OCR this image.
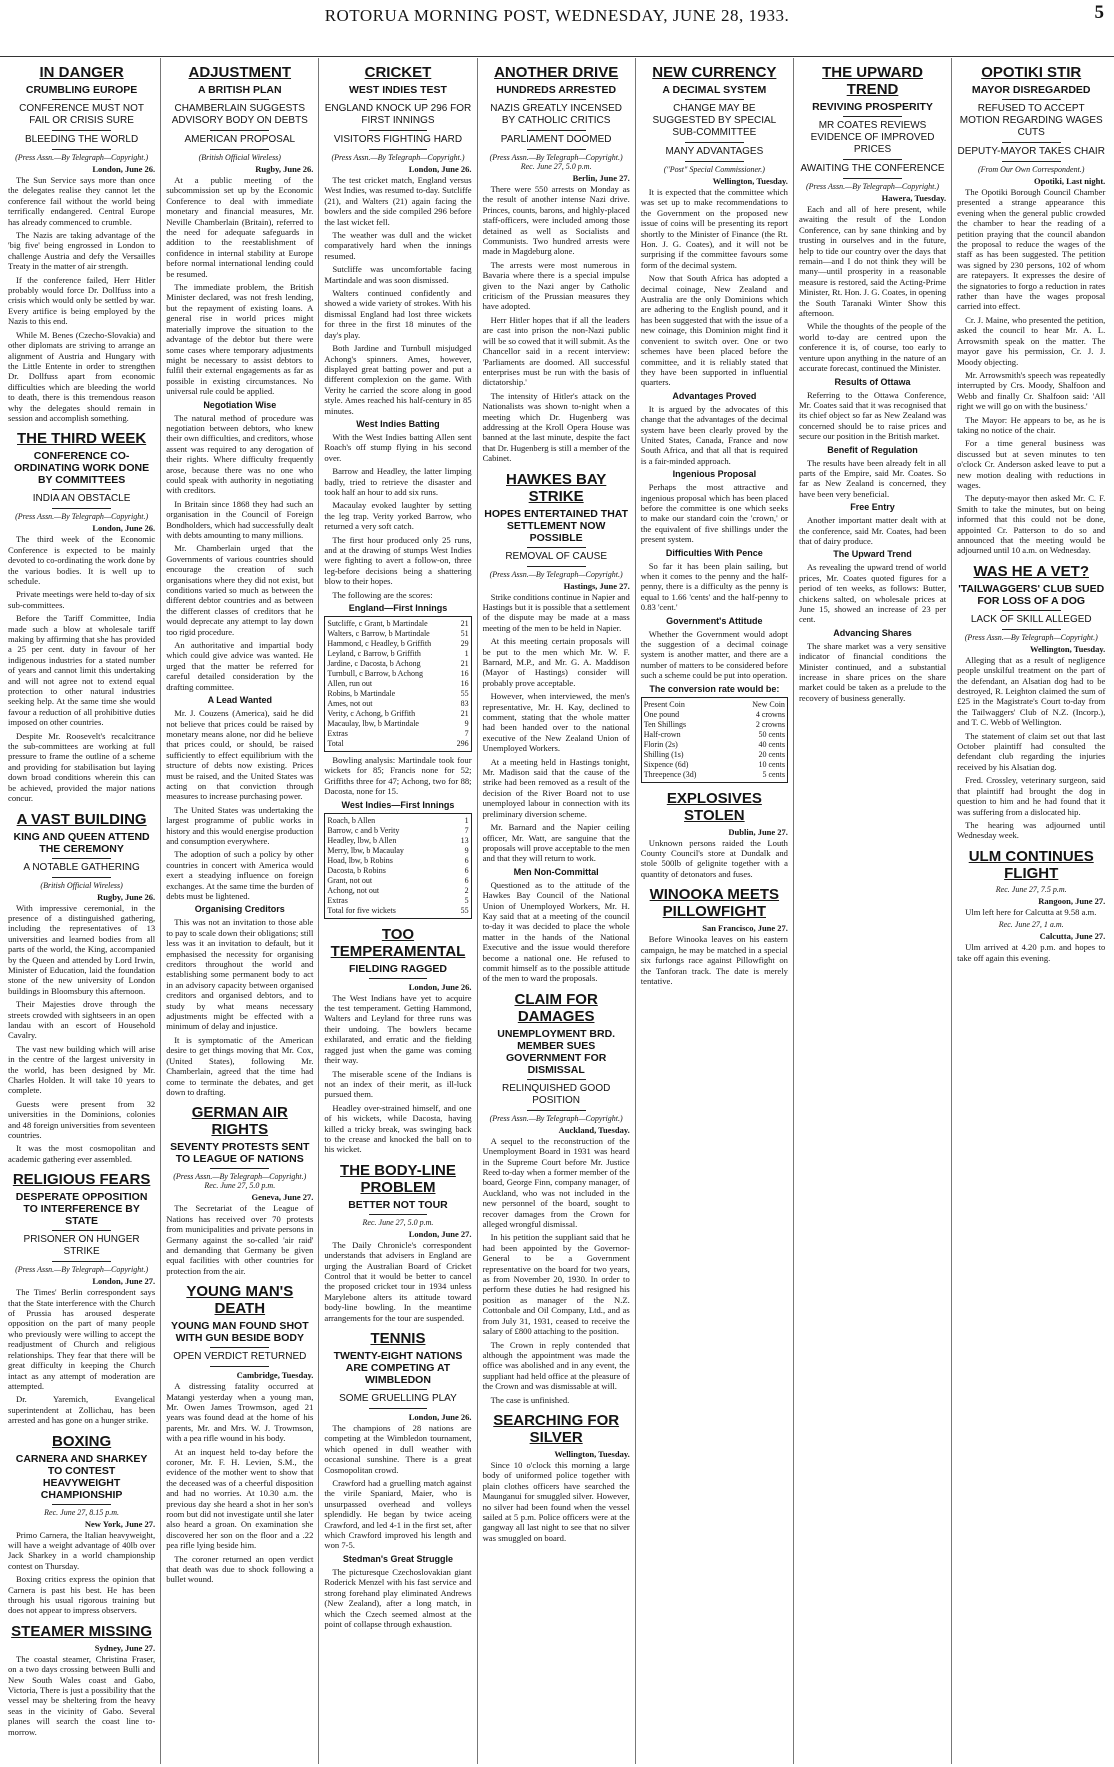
ROTORUA MORNING POST, WEDNESDAY, JUNE 28, 1933.	5
IN DANGER
CRUMBLING EUROPE
CONFERENCE MUST NOT FAIL OR CRISIS SURE
BLEEDING THE WORLD
(Press Assn.—By Telegraph—Copyright.)
London, June 26.

The Sun Service says more than once the delegates realise they cannot let the conference fail without the world being terrifically endangered. Central Europe has already commenced to crumble.

The Nazis are taking advantage of the 'big five' being engrossed in London to challenge Austria and defy the Versailles Treaty in the matter of air strength.

If the conference failed, Herr Hitler probably would force Dr. Dollfuss into a crisis which would only be settled by war. Every artifice is being employed by the Nazis to this end.

While M. Benes (Czecho-Slovakia) and other diplomats are striving to arrange an alignment of Austria and Hungary with the Little Entente in order to strengthen Dr. Dollfuss apart from economic difficulties which are bleeding the world to death, there is this tremendous reason why the delegates should remain in session and accomplish something.

THE THIRD WEEK
CONFERENCE CO-ORDINATING WORK DONE BY COMMITTEES
INDIA AN OBSTACLE
(Press Assn.—By Telegraph—Copyright.)
London, June 26.

The third week of the Economic Conference is expected to be mainly devoted to co-ordinating the work done by the various bodies. It is well up to schedule.

Private meetings were held to-day of six sub-committees.

Before the Tariff Committee, India made such a blow at wholesale tariff making by affirming that she has provided a 25 per cent. duty in favour of her indigenous industries for a stated number of years and cannot limit this undertaking and will not agree not to extend equal protection to other natural industries seeking help. At the same time she would favour a reduction of all prohibitive duties imposed on other countries.

Despite Mr. Roosevelt's recalcitrance the sub-committees are working at full pressure to frame the outline of a scheme and providing for stabilisation but laying down broad conditions wherein this can be achieved, provided the major nations concur.

A VAST BUILDING
KING AND QUEEN ATTEND THE CEREMONY
A NOTABLE GATHERING
(British Official Wireless)
Rugby, June 26.

With impressive ceremonial, in the presence of a distinguished gathering, including the representatives of 13 universities and learned bodies from all parts of the world, the King, accompanied by the Queen and attended by Lord Irwin, Minister of Education, laid the foundation stone of the new university of London buildings in Bloomsbury this afternoon.

Their Majesties drove through the streets crowded with sightseers in an open landau with an escort of Household Cavalry.

The vast new building which will arise in the centre of the largest university in the world, has been designed by Mr. Charles Holden. It will take 10 years to complete.

Guests were present from 32 universities in the Dominions, colonies and 48 foreign universities from seventeen countries.

It was the most cosmopolitan and academic gathering ever assembled.

RELIGIOUS FEARS
DESPERATE OPPOSITION TO INTERFERENCE BY STATE
PRISONER ON HUNGER STRIKE
(Press Assn.—By Telegraph—Copyright.)
London, June 27.

The Times' Berlin correspondent says that the State interference with the Church of Prussia has aroused desperate opposition on the part of many people who previously were willing to accept the readjustment of Church and religious relationships. They fear that there will be great difficulty in keeping the Church intact as any attempt of moderation are attempted.

Dr. Yaremich, Evangelical superintendent at Zollichau, has been arrested and has gone on a hunger strike.

BOXING
CARNERA AND SHARKEY TO CONTEST HEAVYWEIGHT CHAMPIONSHIP
Rec. June 27, 8.15 p.m.
New York, June 27.

Primo Carnera, the Italian heavyweight, will have a weight advantage of 40lb over Jack Sharkey in a world championship contest on Thursday.

Boxing critics express the opinion that Carnera is past his best. He has been through his usual rigorous training but does not appear to impress observers.

STEAMER MISSING
Sydney, June 27.

The coastal steamer, Christina Fraser, on a two days crossing between Bulli and New South Wales coast and Gabo, Victoria, There is just a possibility that the vessel may be sheltering from the heavy seas in the vicinity of Gabo. Several planes will search the coast line to-morrow.

ADJUSTMENT
A BRITISH PLAN
CHAMBERLAIN SUGGESTS ADVISORY BODY ON DEBTS
AMERICAN PROPOSAL
(British Official Wireless)
Rugby, June 26.

At a public meeting of the subcommission set up by the Economic Conference to deal with immediate monetary and financial measures, Mr. Neville Chamberlain (Britain), referred to the need for adequate safeguards in addition to the reestablishment of confidence in internal stability at Europe before normal international lending could be resumed.

The immediate problem, the British Minister declared, was not fresh lending, but the repayment of existing loans. A general rise in world prices might materially improve the situation to the advantage of the debtor but there were some cases where temporary adjustments might be necessary to assist debtors to fulfil their external engagements as far as possible in existing circumstances. No universal rule could be applied.

Negotiation Wise

The natural method of procedure was negotiation between debtors, who knew their own difficulties, and creditors, whose assent was required to any derogation of their rights. Where difficulty frequently arose, because there was no one who could speak with authority in negotiating with creditors.

In Britain since 1868 they had such an organisation in the Council of Foreign Bondholders, which had successfully dealt with debts amounting to many millions.

Mr. Chamberlain urged that the Governments of various countries should encourage the creation of such organisations where they did not exist, but conditions varied so much as between the different debtor countries and as between the different classes of creditors that he would deprecate any attempt to lay down too rigid procedure.

An authoritative and impartial body which could give advice was wanted. He urged that the matter be referred for careful detailed consideration by the drafting committee.

A Lead Wanted

Mr. J. Couzens (America), said he did not believe that prices could be raised by monetary means alone, nor did he believe that prices could, or should, be raised sufficiently to effect equilibrium with the structure of debts now existing. Prices must be raised, and the United States was acting on that conviction through measures to increase purchasing power.

The United States was undertaking the largest programme of public works in history and this would energise production and consumption everywhere.

The adoption of such a policy by other countries in concert with America would exert a steadying influence on foreign exchanges. At the same time the burden of debts must be lightened.

Organising Creditors

This was not an invitation to those able to pay to scale down their obligations; still less was it an invitation to default, but it emphasised the necessity for organising creditors throughout the world and establishing some permanent body to act in an advisory capacity between organised creditors and organised debtors, and to study by what means necessary adjustments might be effected with a minimum of delay and injustice.

It is symptomatic of the American desire to get things moving that Mr. Cox, (United States), following Mr. Chamberlain, agreed that the time had come to terminate the debates, and get down to drafting.

GERMAN AIR RIGHTS
SEVENTY PROTESTS SENT TO LEAGUE OF NATIONS
(Press Assn.—By Telegraph—Copyright.) Rec. June 27, 5.0 p.m.
Geneva, June 27.

The Secretariat of the League of Nations has received over 70 protests from municipalities and private persons in Germany against the so-called 'air raid' and demanding that Germany be given equal facilities with other countries for protection from the air.

YOUNG MAN'S DEATH
YOUNG MAN FOUND SHOT WITH GUN BESIDE BODY
OPEN VERDICT RETURNED
Cambridge, Tuesday.

A distressing fatality occurred at Matangi yesterday when a young man, Mr. Owen James Trowmson, aged 21 years was found dead at the home of his parents, Mr. and Mrs. W. J. Trowmson, with a pea rifle wound in his body.

At an inquest held to-day before the coroner, Mr. F. H. Levien, S.M., the evidence of the mother went to show that the deceased was of a cheerful disposition and had no worries. At 10.30 a.m. the previous day she heard a shot in her son's room but did not investigate until she later also heard a groan. On examination she discovered her son on the floor and a .22 pea rifle lying beside him.

The coroner returned an open verdict that death was due to shock following a bullet wound.

CRICKET
WEST INDIES TEST
ENGLAND KNOCK UP 296 FOR FIRST INNINGS
VISITORS FIGHTING HARD
(Press Assn.—By Telegraph—Copyright.)
London, June 26.

The test cricket match, England versus West Indies, was resumed to-day. Sutcliffe (21), and Walters (21) again facing the bowlers and the side compiled 296 before the last wicket fell.

The weather was dull and the wicket comparatively hard when the innings resumed.

Sutcliffe was uncomfortable facing Martindale and was soon dismissed.

Walters continued confidently and showed a wide variety of strokes. With his dismissal England had lost three wickets for three in the first 18 minutes of the day's play.

Both Jardine and Turnbull misjudged Achong's spinners. Ames, however, displayed great batting power and put a different complexion on the game. With Verity he carried the score along in good style. Ames reached his half-century in 85 minutes.

West Indies Batting

With the West Indies batting Allen sent Roach's off stump flying in his second over.

Barrow and Headley, the latter limping badly, tried to retrieve the disaster and took half an hour to add six runs.

Macaulay evoked laughter by setting the leg trap. Verity yorked Barrow, who returned a very soft catch.

The first hour produced only 25 runs, and at the drawing of stumps West Indies were fighting to avert a follow-on, three leg-before decisions being a shattering blow to their hopes.

The following are the scores:

England—First Innings
Sutcliffe, c Grant, b Martindale	21
Walters, c Barrow, b Martindale	51
Hammond, c Headley, b Griffith	29
Leyland, c Barrow, b Griffith	1
Jardine, c Dacosta, b Achong	21
Turnbull, c Barrow, b Achong	16
Allen, run out	16
Robins, b Martindale	55
Ames, not out	83
Verity, c Achong, b Griffith	21
Macaulay, lbw, b Martindale	9
Extras	7
Total	296

Bowling analysis: Martindale took four wickets for 85; Francis none for 52; Griffiths three for 47; Achong, two for 88; Dacosta, none for 15.

West Indies—First Innings
Roach, b Allen	1
Barrow, c and b Verity	7
Headley, lbw, b Allen	13
Merry, lbw, b Macaulay	9
Hoad, lbw, b Robins	6
Dacosta, b Robins	6
Grant, not out	6
Achong, not out	2
Extras	5
Total for five wickets	55
TOO TEMPERAMENTAL
FIELDING RAGGED
London, June 26.

The West Indians have yet to acquire the test temperament. Getting Hammond, Walters and Leyland for three runs was their undoing. The bowlers became exhilarated, and erratic and the fielding ragged just when the game was coming their way.

The miserable scene of the Indians is not an index of their merit, as ill-luck pursued them.

Headley over-strained himself, and one of his wickets, while Dacosta, having killed a tricky break, was swinging back to the crease and knocked the ball on to his wicket.

THE BODY-LINE PROBLEM
BETTER NOT TOUR
Rec. June 27, 5.0 p.m.
London, June 27.

The Daily Chronicle's correspondent understands that advisers in England are urging the Australian Board of Cricket Control that it would be better to cancel the proposed cricket tour in 1934 unless Marylebone alters its attitude toward body-line bowling. In the meantime arrangements for the tour are suspended.

TENNIS
TWENTY-EIGHT NATIONS ARE COMPETING AT WIMBLEDON
SOME GRUELLING PLAY
London, June 26.

The champions of 28 nations are competing at the Wimbledon tournament, which opened in dull weather with occasional sunshine. There is a great Cosmopolitan crowd.

Crawford had a gruelling match against the virile Spaniard, Maier, who is unsurpassed overhead and volleys splendidly. He began by twice aceing Crawford, and led 4-1 in the first set, after which Crawford improved his length and won 7-5.

Stedman's Great Struggle

The picturesque Czechoslovakian giant Roderick Menzel with his fast service and strong forehand play eliminated Andrews (New Zealand), after a long match, in which the Czech seemed almost at the point of collapse through exhaustion.

ANOTHER DRIVE
HUNDREDS ARRESTED
NAZIS GREATLY INCENSED BY CATHOLIC CRITICS
PARLIAMENT DOOMED
(Press Assn.—By Telegraph—Copyright.) Rec. June 27, 5.0 p.m.
Berlin, June 27.

There were 550 arrests on Monday as the result of another intense Nazi drive. Princes, counts, barons, and highly-placed staff-officers, were included among those detained as well as Socialists and Communists. Two hundred arrests were made in Magdeburg alone.

The arrests were most numerous in Bavaria where there is a special impulse given to the Nazi anger by Catholic criticism of the Prussian measures they have adopted.

Herr Hitler hopes that if all the leaders are cast into prison the non-Nazi public will be so cowed that it will submit. As the Chancellor said in a recent interview: 'Parliaments are doomed. All successful enterprises must be run with the basis of dictatorship.'

The intensity of Hitler's attack on the Nationalists was shown to-night when a meeting which Dr. Hugenberg was addressing at the Kroll Opera House was banned at the last minute, despite the fact that Dr. Hugenberg is still a member of the Cabinet.

HAWKES BAY STRIKE
HOPES ENTERTAINED THAT SETTLEMENT NOW POSSIBLE
REMOVAL OF CAUSE
(Press Assn.—By Telegraph—Copyright.)
Hastings, June 27.

Strike conditions continue in Napier and Hastings but it is possible that a settlement of the dispute may be made at a mass meeting of the men to be held in Napier.

At this meeting certain proposals will be put to the men which Mr. W. F. Barnard, M.P., and Mr. G. A. Maddison (Mayor of Hastings) consider will probably prove acceptable.

However, when interviewed, the men's representative, Mr. H. Kay, declined to comment, stating that the whole matter had been handed over to the national executive of the New Zealand Union of Unemployed Workers.

At a meeting held in Hastings tonight, Mr. Madison said that the cause of the strike had been removed as a result of the decision of the River Board not to use unemployed labour in connection with its preliminary diversion scheme.

Mr. Barnard and the Napier ceiling officer, Mr. Watt, are sanguine that the proposals will prove acceptable to the men and that they will return to work.

Men Non-Committal

Questioned as to the attitude of the Hawkes Bay Council of the National Union of Unemployed Workers, Mr. H. Kay said that at a meeting of the council to-day it was decided to place the whole matter in the hands of the National Executive and the issue would therefore become a national one. He refused to commit himself as to the possible attitude of the men to ward the proposals.

CLAIM FOR DAMAGES
UNEMPLOYMENT BRD. MEMBER SUES GOVERNMENT FOR DISMISSAL
RELINQUISHED GOOD POSITION
(Press Assn.—By Telegraph—Copyright.)
Auckland, Tuesday.

A sequel to the reconstruction of the Unemployment Board in 1931 was heard in the Supreme Court before Mr. Justice Reed to-day when a former member of the board, George Finn, company manager, of Auckland, who was not included in the new personnel of the board, sought to recover damages from the Crown for alleged wrongful dismissal.

In his petition the suppliant said that he had been appointed by the Governor-General to be a Government representative on the board for two years, as from November 20, 1930. In order to perform these duties he had resigned his position as manager of the N.Z. Cottonbale and Oil Company, Ltd., and as from July 31, 1931, ceased to receive the salary of £800 attaching to the position.

The Crown in reply contended that although the appointment was made the office was abolished and in any event, the suppliant had held office at the pleasure of the Crown and was dismissable at will.

The case is unfinished.

SEARCHING FOR SILVER
Wellington, Tuesday.

Since 10 o'clock this morning a large body of uniformed police together with plain clothes officers have searched the Maunganui for smuggled silver. However, no silver had been found when the vessel sailed at 5 p.m. Police officers were at the gangway all last night to see that no silver was smuggled on board.

NEW CURRENCY
A DECIMAL SYSTEM
CHANGE MAY BE SUGGESTED BY SPECIAL SUB-COMMITTEE
MANY ADVANTAGES
("Post" Special Commissioner.)
Wellington, Tuesday.

It is expected that the committee which was set up to make recommendations to the Government on the proposed new issue of coins will be presenting its report shortly to the Minister of Finance (the Rt. Hon. J. G. Coates), and it will not be surprising if the committee favours some form of the decimal system.

Now that South Africa has adopted a decimal coinage, New Zealand and Australia are the only Dominions which are adhering to the English pound, and it has been suggested that with the issue of a new coinage, this Dominion might find it convenient to switch over. One or two schemes have been placed before the committee, and it is reliably stated that they have been supported in influential quarters.

Advantages Proved

It is argued by the advocates of this change that the advantages of the decimal system have been clearly proved by the United States, Canada, France and now South Africa, and that all that is required is a fair-minded approach.

Ingenious Proposal

Perhaps the most attractive and ingenious proposal which has been placed before the committee is one which seeks to make our standard coin the 'crown,' or the equivalent of five shillings under the present system.

Difficulties With Pence

So far it has been plain sailing, but when it comes to the penny and the half-penny, there is a difficulty as the penny is equal to 1.66 'cents' and the half-penny to 0.83 'cent.'

Government's Attitude

Whether the Government would adopt the suggestion of a decimal coinage system is another matter, and there are a number of matters to be considered before such a scheme could be put into operation.

The conversion rate would be:
Present Coin	New Coin
One pound	4 crowns
Ten Shillings	2 crowns
Half-crown	50 cents
Florin (2s)	40 cents
Shilling (1s)	20 cents
Sixpence (6d)	10 cents
Threepence (3d)	5 cents
EXPLOSIVES STOLEN
Dublin, June 27.

Unknown persons raided the Louth County Council's store at Dundalk and stole 500lb of gelignite together with a quantity of detonators and fuses.

WINOOKA MEETS PILLOWFIGHT
San Francisco, June 27.

Before Winooka leaves on his eastern campaign, he may be matched in a special six furlongs race against Pillowfight on the Tanforan track. The date is merely tentative.

THE UPWARD TREND
REVIVING PROSPERITY
MR COATES REVIEWS EVIDENCE OF IMPROVED PRICES
AWAITING THE CONFERENCE
(Press Assn.—By Telegraph—Copyright.)
Hawera, Tuesday.

Each and all of here present, while awaiting the result of the London Conference, can by sane thinking and by trusting in ourselves and in the future, help to tide our country over the days that remain—and I do not think they will be many—until prosperity in a reasonable measure is restored, said the Acting-Prime Minister, Rt. Hon. J. G. Coates, in opening the South Taranaki Winter Show this afternoon.

While the thoughts of the people of the world to-day are centred upon the conference it is, of course, too early to venture upon anything in the nature of an accurate forecast, continued the Minister.

Results of Ottawa

Referring to the Ottawa Conference, Mr. Coates said that it was recognised that its chief object so far as New Zealand was concerned should be to raise prices and secure our position in the British market.

Benefit of Regulation

The results have been already felt in all parts of the Empire, said Mr. Coates. So far as New Zealand is concerned, they have been very beneficial.

Free Entry

Another important matter dealt with at the conference, said Mr. Coates, had been that of dairy produce.

The Upward Trend

As revealing the upward trend of world prices, Mr. Coates quoted figures for a period of ten weeks, as follows: Butter, chickens salted, on wholesale prices at June 15, showed an increase of 23 per cent.

Advancing Shares

The share market was a very sensitive indicator of financial conditions the Minister continued, and a substantial increase in share prices on the share market could be taken as a prelude to the recovery of business generally.

OPOTIKI STIR
MAYOR DISREGARDED
REFUSED TO ACCEPT MOTION REGARDING WAGES CUTS
DEPUTY-MAYOR TAKES CHAIR
(From Our Own Correspondent.)
Opotiki, Last night.

The Opotiki Borough Council Chamber presented a strange appearance this evening when the general public crowded the chamber to hear the reading of a petition praying that the council abandon the proposal to reduce the wages of the staff as has been suggested. The petition was signed by 230 persons, 102 of whom are ratepayers. It expresses the desire of the signatories to forgo a reduction in rates rather than have the wages proposal carried into effect.

Cr. J. Maine, who presented the petition, asked the council to hear Mr. A. L. Arrowsmith speak on the matter. The mayor gave his permission, Cr. J. J. Moody objecting.

Mr. Arrowsmith's speech was repeatedly interrupted by Crs. Moody, Shalfoon and Webb and finally Cr. Shalfoon said: 'All right we will go on with the business.'

The Mayor: He appears to be, as he is taking no notice of the chair.

For a time general business was discussed but at seven minutes to ten o'clock Cr. Anderson asked leave to put a new motion dealing with reductions in wages.

The deputy-mayor then asked Mr. C. F. Smith to take the minutes, but on being informed that this could not be done, appointed Cr. Patterson to do so and announced that the meeting would be adjourned until 10 a.m. on Wednesday.

WAS HE A VET?
'TAILWAGGERS' CLUB SUED FOR LOSS OF A DOG
LACK OF SKILL ALLEGED
(Press Assn.—By Telegraph—Copyright.)
Wellington, Tuesday.

Alleging that as a result of negligence people unskilful treatment on the part of the defendant, an Alsatian dog had to be destroyed, R. Leighton claimed the sum of £25 in the Magistrate's Court to-day from the Tailwaggers' Club of N.Z. (Incorp.), and T. C. Webb of Wellington.

The statement of claim set out that last October plaintiff had consulted the defendant club regarding the injuries received by his Alsatian dog.

Fred. Crossley, veterinary surgeon, said that plaintiff had brought the dog in question to him and he had found that it was suffering from a dislocated hip.

The hearing was adjourned until Wednesday week.

ULM CONTINUES FLIGHT
Rec. June 27, 7.5 p.m.
Rangoon, June 27.

Ulm left here for Calcutta at 9.58 a.m.

Rec. June 27, 1 a.m.
Calcutta, June 27.

Ulm arrived at 4.20 p.m. and hopes to take off again this evening.
